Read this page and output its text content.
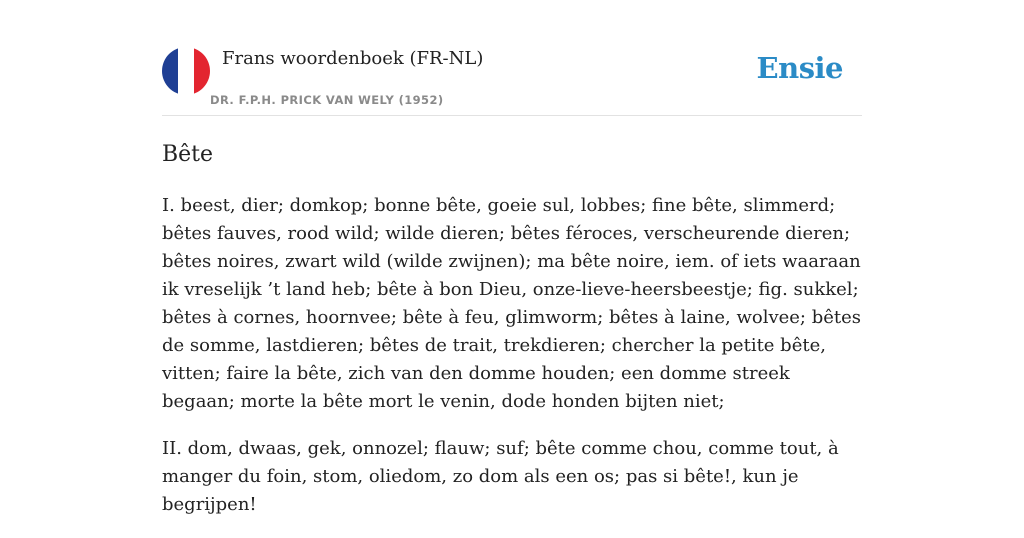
Frans woordenboek (FR-NL)
DR. F.P.H. PRICK VAN WELY (1952)
Ensie
Bête

I. beest, dier; domkop; bonne bête, goeie sul, lobbes; fine bête, slimmerd; bêtes fauves, rood wild; wilde dieren; bêtes féroces, verscheurende dieren; bêtes noires, zwart wild (wilde zwijnen); ma bête noire, iem. of iets waaraan ik vreselijk ’t land heb; bête à bon Dieu, onze-lieve-heersbeestje; fig. sukkel; bêtes à cornes, hoornvee; bête à feu, glimworm; bêtes à laine, wolvee; bêtes de somme, lastdieren; bêtes de trait, trekdieren; chercher la petite bête, vitten; faire la bête, zich van den domme houden; een domme streek begaan; morte la bête mort le venin, dode honden bijten niet;

II. dom, dwaas, gek, onnozel; flauw; suf; bête comme chou, comme tout, à manger du foin, stom, oliedom, zo dom als een os; pas si bête!, kun je begrijpen!
